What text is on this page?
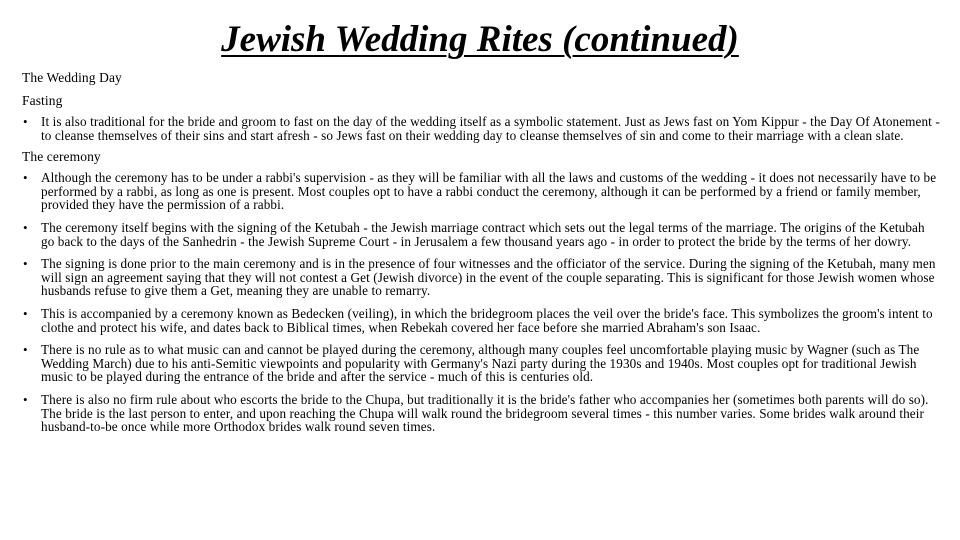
Jewish Wedding Rites (continued)
The Wedding Day
Fasting
• It is also traditional for the bride and groom to fast on the day of the wedding itself as a symbolic statement. Just as Jews fast on Yom Kippur - the Day Of Atonement - to cleanse themselves of their sins and start afresh - so Jews fast on their wedding day to cleanse themselves of sin and come to their marriage with a clean slate.
The ceremony
• Although the ceremony has to be under a rabbi's supervision - as they will be familiar with all the laws and customs of the wedding - it does not necessarily have to be performed by a rabbi, as long as one is present. Most couples opt to have a rabbi conduct the ceremony, although it can be performed by a friend or family member, provided they have the permission of a rabbi.
• The ceremony itself begins with the signing of the Ketubah - the Jewish marriage contract which sets out the legal terms of the marriage. The origins of the Ketubah go back to the days of the Sanhedrin - the Jewish Supreme Court - in Jerusalem a few thousand years ago - in order to protect the bride by the terms of her dowry.
• The signing is done prior to the main ceremony and is in the presence of four witnesses and the officiator of the service. During the signing of the Ketubah, many men will sign an agreement saying that they will not contest a Get (Jewish divorce) in the event of the couple separating. This is significant for those Jewish women whose husbands refuse to give them a Get, meaning they are unable to remarry.
• This is accompanied by a ceremony known as Bedecken (veiling), in which the bridegroom places the veil over the bride's face. This symbolizes the groom's intent to clothe and protect his wife, and dates back to Biblical times, when Rebekah covered her face before she married Abraham's son Isaac.
• There is no rule as to what music can and cannot be played during the ceremony, although many couples feel uncomfortable playing music by Wagner (such as The Wedding March) due to his anti-Semitic viewpoints and popularity with Germany's Nazi party during the 1930s and 1940s. Most couples opt for traditional Jewish music to be played during the entrance of the bride and after the service - much of this is centuries old.
• There is also no firm rule about who escorts the bride to the Chupa, but traditionally it is the bride's father who accompanies her (sometimes both parents will do so). The bride is the last person to enter, and upon reaching the Chupa will walk round the bridegroom several times - this number varies. Some brides walk around their husband-to-be once while more Orthodox brides walk round seven times.
